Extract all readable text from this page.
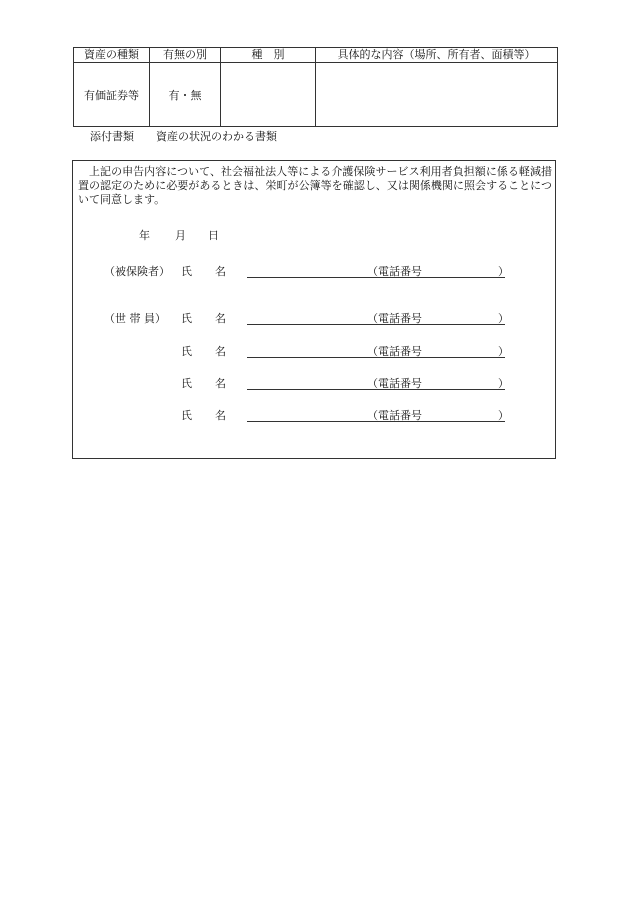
資産の種類	有無の別	種　別	具体的な内容（場所、所有者、面積等）
有価証券等	有・無		
添付書類 資産の状況のわかる書類

上記の申告内容について、社会福祉法人等による介護保険サービス利用者負担額に係る軽減措置の認定のために必要があるときは、栄町が公簿等を確認し、又は関係機関に照会することについて同意します。

年 月 日
（被保険者） 氏 名	（電話番号	）
（世 帯 員） 氏 名	（電話番号	）
氏 名	（電話番号	）
氏 名	（電話番号	）
氏 名	（電話番号	）
